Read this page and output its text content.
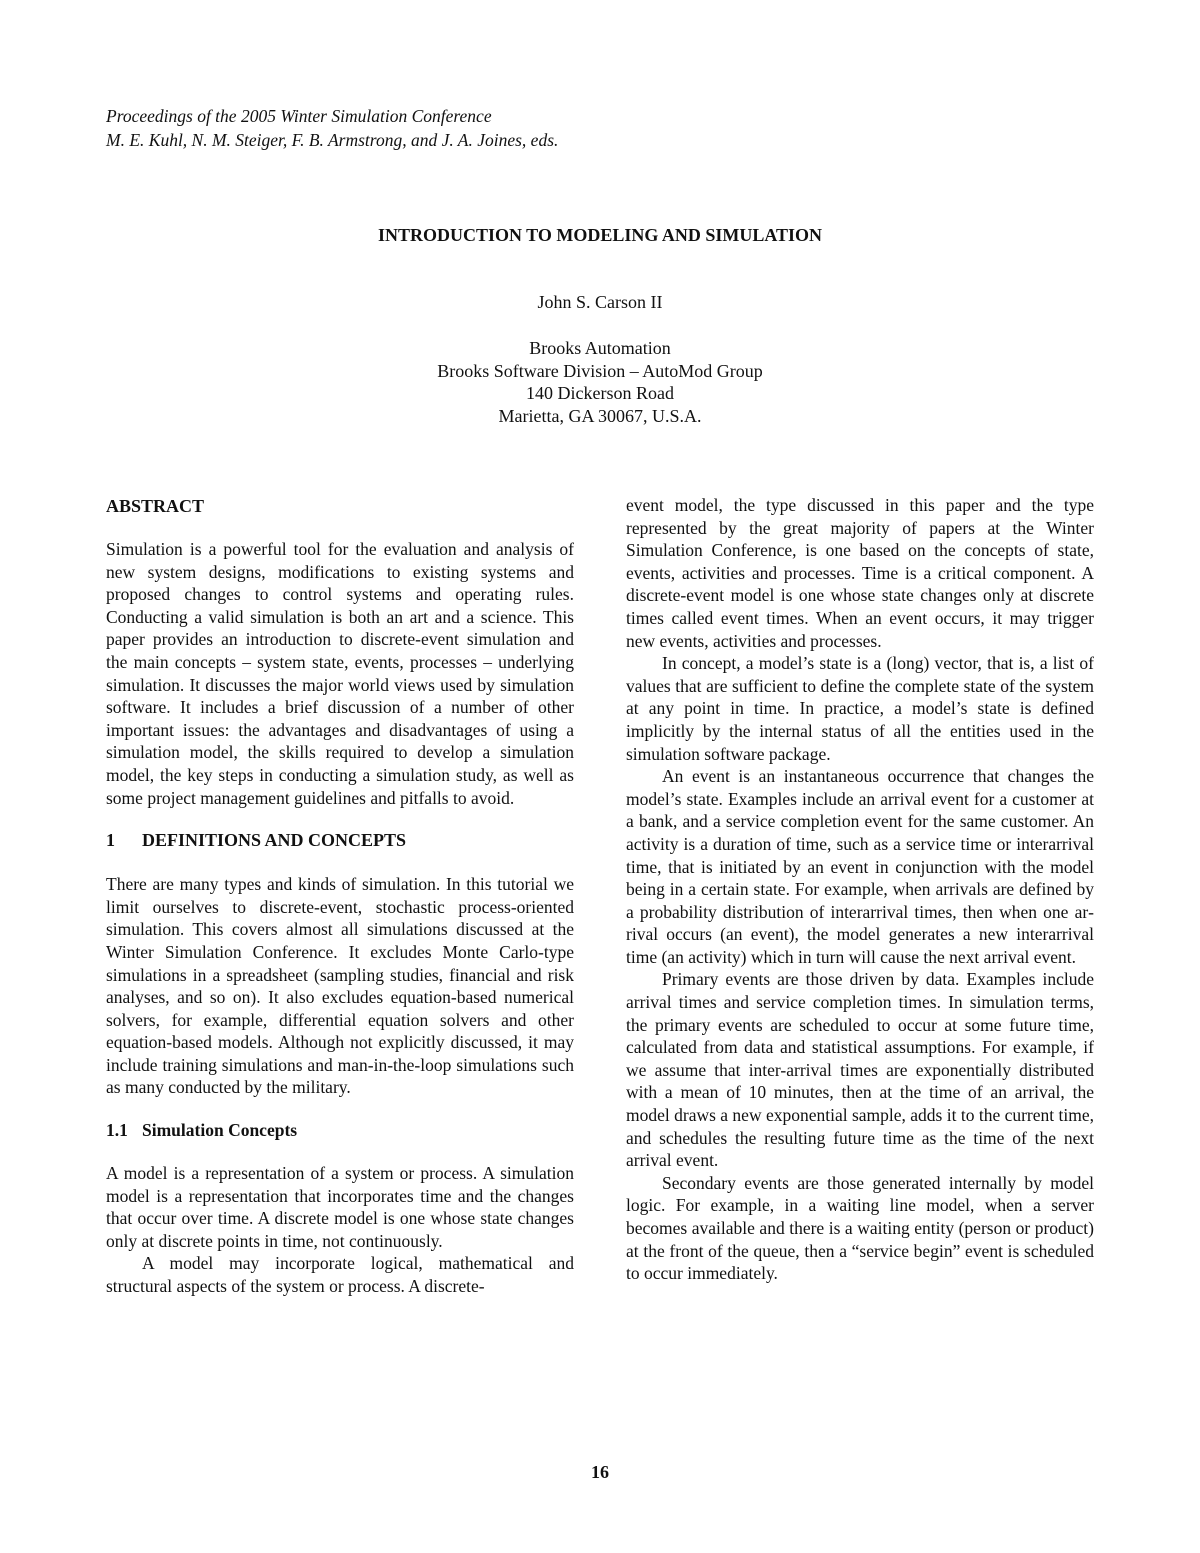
Proceedings of the 2005 Winter Simulation Conference
M. E. Kuhl, N. M. Steiger, F. B. Armstrong, and J. A. Joines, eds.
INTRODUCTION TO MODELING AND SIMULATION
John S. Carson II
Brooks Automation
Brooks Software Division – AutoMod Group
140 Dickerson Road
Marietta, GA 30067, U.S.A.
ABSTRACT

Simulation is a powerful tool for the evaluation and analysis of new system designs, modifications to existing systems and proposed changes to control systems and operating rules. Conducting a valid simulation is both an art and a science. This paper provides an introduction to discrete-event simulation and the main concepts – system state, events, processes – underlying simulation. It discusses the major world views used by simulation software. It includes a brief discussion of a number of other important issues: the advantages and disadvantages of using a simulation model, the skills required to develop a simulation model, the key steps in conducting a simulation study, as well as some project management guidelines and pitfalls to avoid.

1 DEFINITIONS AND CONCEPTS

There are many types and kinds of simulation. In this tutorial we limit ourselves to discrete-event, stochastic process-oriented simulation. This covers almost all simulations discussed at the Winter Simulation Conference. It excludes Monte Carlo-type simulations in a spreadsheet (sampling studies, financial and risk analyses, and so on). It also excludes equation-based numerical solvers, for example, differential equation solvers and other equation-based models. Although not explicitly discussed, it may include training simulations and man-in-the-loop simulations such as many conducted by the military.

1.1 Simulation Concepts

A model is a representation of a system or process. A simulation model is a representation that incorporates time and the changes that occur over time. A discrete model is one whose state changes only at discrete points in time, not continuously.

A model may incorporate logical, mathematical and structural aspects of the system or process. A discrete-

event model, the type discussed in this paper and the type represented by the great majority of papers at the Winter Simulation Conference, is one based on the concepts of state, events, activities and processes. Time is a critical component. A discrete-event model is one whose state changes only at discrete times called event times. When an event occurs, it may trigger new events, activities and processes.

In concept, a model’s state is a (long) vector, that is, a list of values that are sufficient to define the complete state of the system at any point in time. In practice, a model’s state is defined implicitly by the internal status of all the entities used in the simulation software package.

An event is an instantaneous occurrence that changes the model’s state. Examples include an arrival event for a customer at a bank, and a service completion event for the same customer. An activity is a duration of time, such as a service time or interarrival time, that is initiated by an event in conjunction with the model being in a certain state. For example, when arrivals are defined by a probability distribution of interarrival times, then when one arrival occurs (an event), the model generates a new interarrival time (an activity) which in turn will cause the next arrival event.

Primary events are those driven by data. Examples include arrival times and service completion times. In simulation terms, the primary events are scheduled to occur at some future time, calculated from data and statistical assumptions. For example, if we assume that inter-arrival times are exponentially distributed with a mean of 10 minutes, then at the time of an arrival, the model draws a new exponential sample, adds it to the current time, and schedules the resulting future time as the time of the next arrival event.

Secondary events are those generated internally by model logic. For example, in a waiting line model, when a server becomes available and there is a waiting entity (person or product) at the front of the queue, then a “service begin” event is scheduled to occur immediately.

16
